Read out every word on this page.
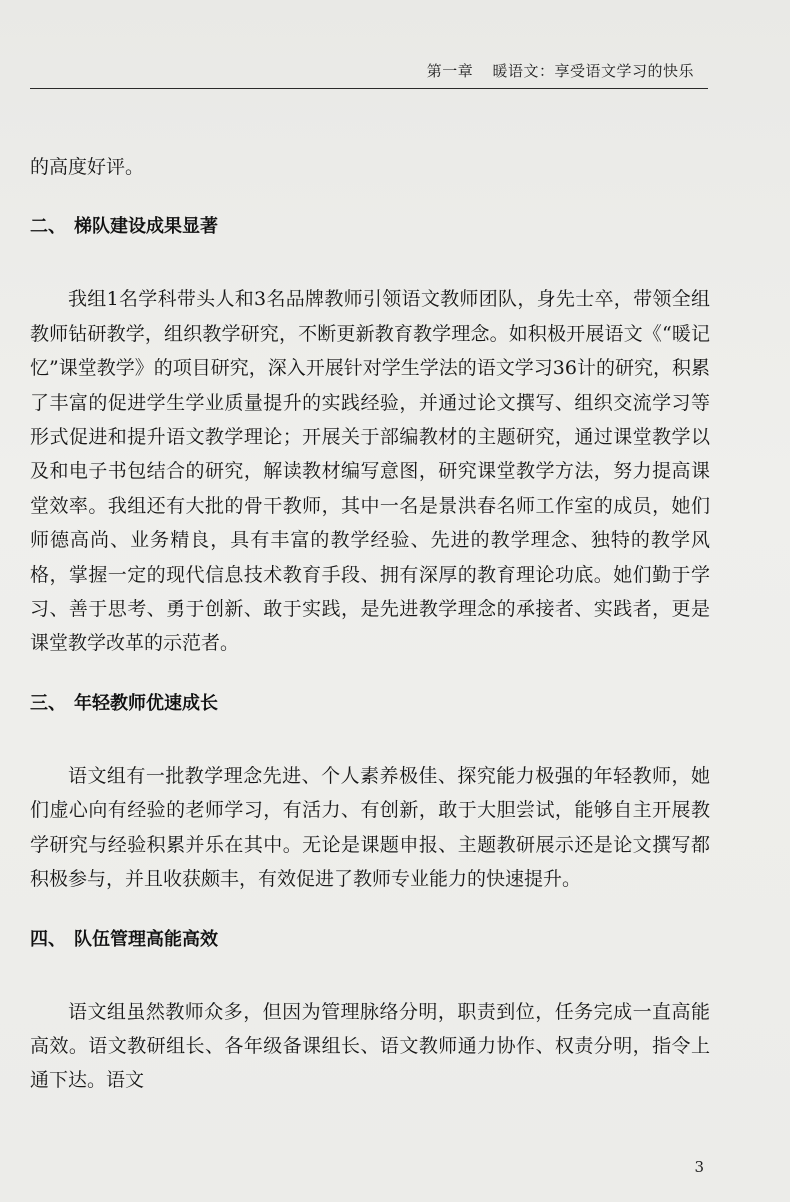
第一章 暖语文：享受语文学习的快乐

的高度好评。

二、 梯队建设成果显著

我组1名学科带头人和3名品牌教师引领语文教师团队，身先士卒，带领全组教师钻研教学，组织教学研究，不断更新教育教学理念。如积极开展语文《“暖记忆”课堂教学》的项目研究，深入开展针对学生学法的语文学习36计的研究，积累了丰富的促进学生学业质量提升的实践经验，并通过论文撰写、组织交流学习等形式促进和提升语文教学理论；开展关于部编教材的主题研究，通过课堂教学以及和电子书包结合的研究，解读教材编写意图，研究课堂教学方法，努力提高课堂效率。我组还有大批的骨干教师，其中一名是景洪春名师工作室的成员，她们师德高尚、业务精良，具有丰富的教学经验、先进的教学理念、独特的教学风格，掌握一定的现代信息技术教育手段、拥有深厚的教育理论功底。她们勤于学习、善于思考、勇于创新、敢于实践，是先进教学理念的承接者、实践者，更是课堂教学改革的示范者。

三、 年轻教师优速成长

语文组有一批教学理念先进、个人素养极佳、探究能力极强的年轻教师，她们虚心向有经验的老师学习，有活力、有创新，敢于大胆尝试，能够自主开展教学研究与经验积累并乐在其中。无论是课题申报、主题教研展示还是论文撰写都积极参与，并且收获颇丰，有效促进了教师专业能力的快速提升。

四、 队伍管理高能高效

语文组虽然教师众多，但因为管理脉络分明，职责到位，任务完成一直高能高效。语文教研组长、各年级备课组长、语文教师通力协作、权责分明，指令上通下达。语文

3
